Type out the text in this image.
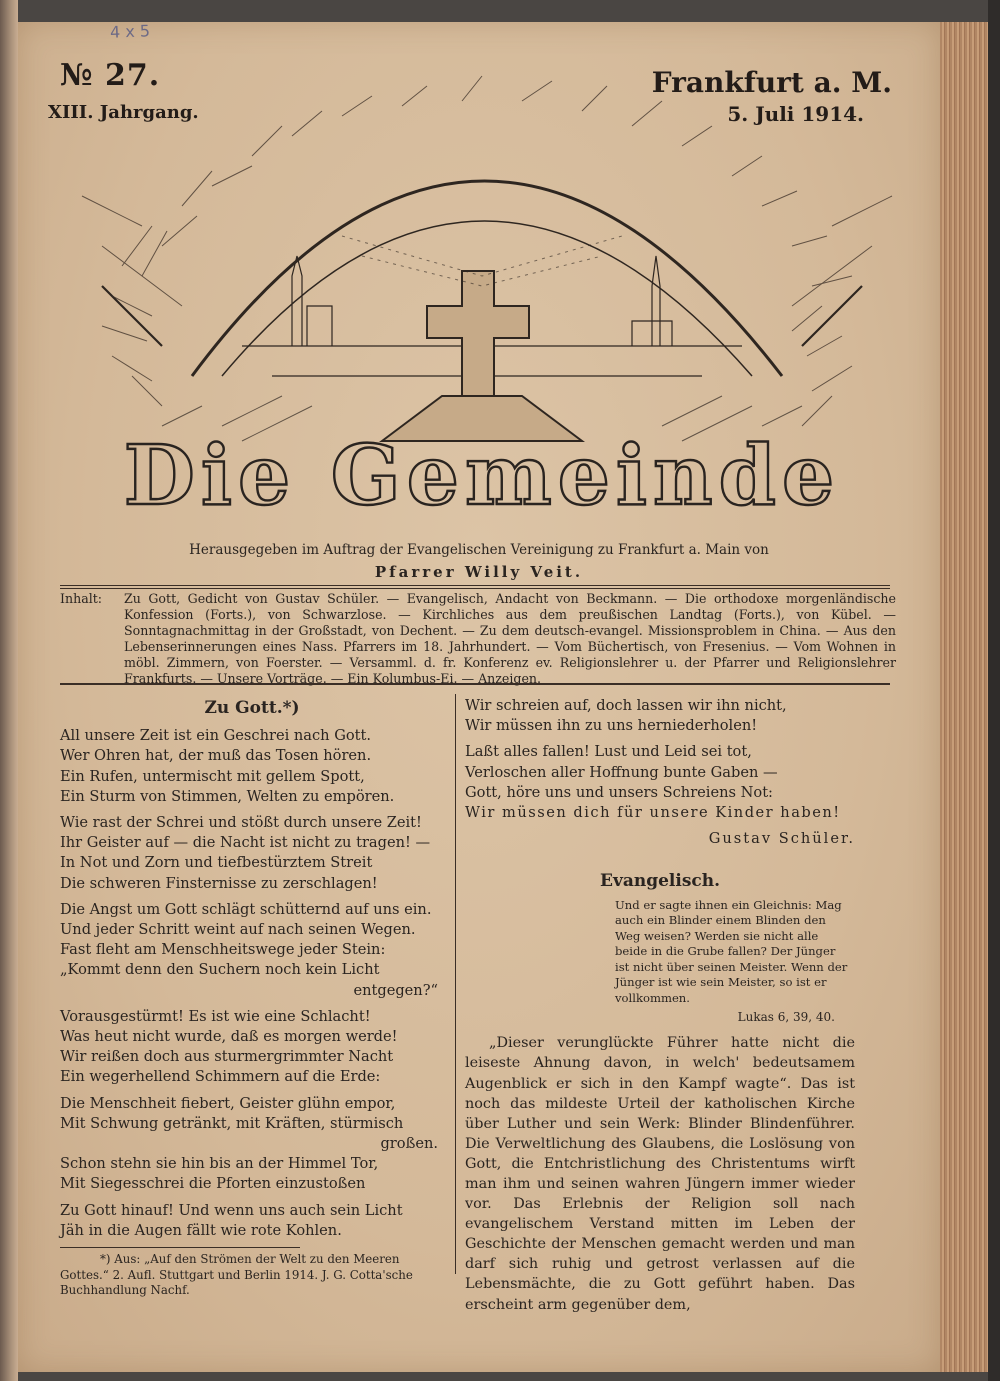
4 x 5
Die Gemeinde
№ 27.
XIII. Jahrgang.
Frankfurt a. M.
5. Juli 1914.
Herausgegeben im Auftrag der Evangelischen Vereinigung zu Frankfurt a. Main von
Pfarrer Willy Veit.
Inhalt: Zu Gott, Gedicht von Gustav Schüler. — Evangelisch, Andacht von Beckmann. — Die orthodoxe morgenländische Konfession (Forts.), von Schwarzlose. — Kirchliches aus dem preußischen Landtag (Forts.), von Kübel. — Sonntagnachmittag in der Großstadt, von Dechent. — Zu dem deutsch-evangel. Missionsproblem in China. — Aus den Lebenserinnerungen eines Nass. Pfarrers im 18. Jahrhundert. — Vom Büchertisch, von Fresenius. — Vom Wohnen in möbl. Zimmern, von Foerster. — Versamml. d. fr. Konferenz ev. Religionslehrer u. der Pfarrer und Religionslehrer Frankfurts. — Unsere Vorträge. — Ein Kolumbus-Ei. — Anzeigen.
Zu Gott.*)
All unsere Zeit ist ein Geschrei nach Gott.
Wer Ohren hat, der muß das Tosen hören.
Ein Rufen, untermischt mit gellem Spott,
Ein Sturm von Stimmen, Welten zu empören.
Wie rast der Schrei und stößt durch unsere Zeit!
Ihr Geister auf — die Nacht ist nicht zu tragen! —
In Not und Zorn und tiefbestürztem Streit
Die schweren Finsternisse zu zerschlagen!
Die Angst um Gott schlägt schütternd auf uns ein.
Und jeder Schritt weint auf nach seinen Wegen.
Fast fleht am Menschheitswege jeder Stein:
„Kommt denn den Suchern noch kein Licht
entgegen?“
Vorausgestürmt! Es ist wie eine Schlacht!
Was heut nicht wurde, daß es morgen werde!
Wir reißen doch aus sturmergrimmter Nacht
Ein wegerhellend Schimmern auf die Erde:
Die Menschheit fiebert, Geister glühn empor,
Mit Schwung getränkt, mit Kräften, stürmisch
großen.
Schon stehn sie hin bis an der Himmel Tor,
Mit Siegesschrei die Pforten einzustoßen
Zu Gott hinauf! Und wenn uns auch sein Licht
Jäh in die Augen fällt wie rote Kohlen.
*) Aus: „Auf den Strömen der Welt zu den Meeren Gottes.“ 2. Aufl. Stuttgart und Berlin 1914. J. G. Cotta'sche Buchhandlung Nachf.
Wir schreien auf, doch lassen wir ihn nicht,
Wir müssen ihn zu uns herniederholen!
Laßt alles fallen! Lust und Leid sei tot,
Verloschen aller Hoffnung bunte Gaben —
Gott, höre uns und unsers Schreiens Not:
Wir müssen dich für unsere Kinder haben!
Gustav Schüler.
Evangelisch.
Und er sagte ihnen ein Gleichnis: Mag auch ein Blinder einem Blinden den Weg weisen? Werden sie nicht alle beide in die Grube fallen? Der Jünger ist nicht über seinen Meister. Wenn der Jünger ist wie sein Meister, so ist er vollkommen.
Lukas 6, 39, 40.
„Dieser verunglückte Führer hatte nicht die leiseste Ahnung davon, in welch' bedeutsamem Augenblick er sich in den Kampf wagte“. Das ist noch das mildeste Urteil der katholischen Kirche über Luther und sein Werk: Blinder Blindenführer. Die Verweltlichung des Glaubens, die Loslösung von Gott, die Entchristlichung des Christentums wirft man ihm und seinen wahren Jüngern immer wieder vor. Das Erlebnis der Religion soll nach evangelischem Verstand mitten im Leben der Geschichte der Menschen gemacht werden und man darf sich ruhig und getrost verlassen auf die Lebensmächte, die zu Gott geführt haben. Das erscheint arm gegenüber dem,
